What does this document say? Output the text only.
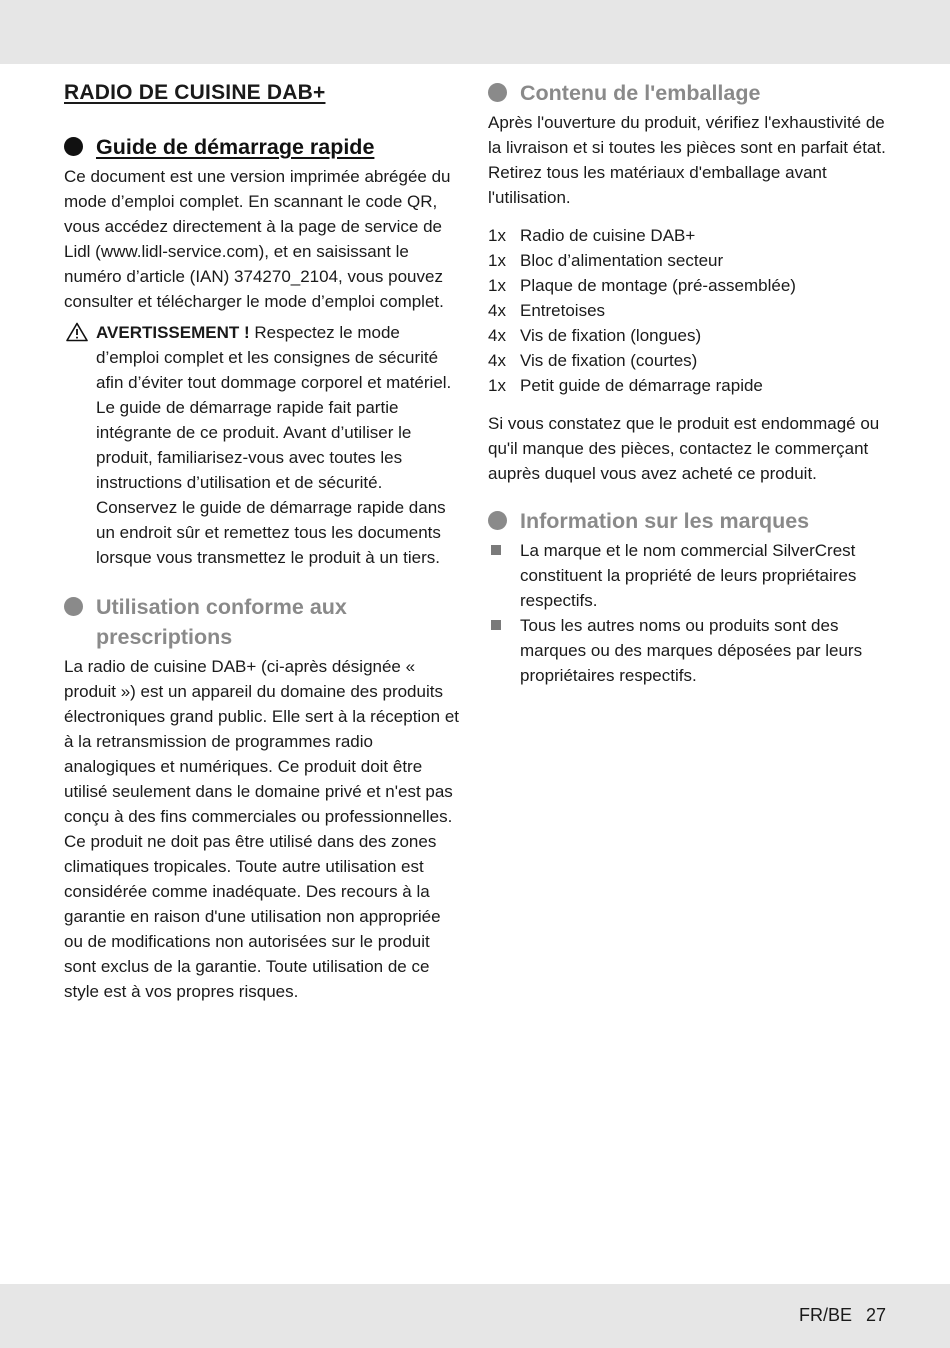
RADIO DE CUISINE DAB+
Guide de démarrage rapide

Ce document est une version imprimée abrégée du mode d’emploi complet. En scannant le code QR, vous accédez directement à la page de service de Lidl (www.lidl-service.com), et en saisissant le numéro d’article (IAN) 374270_2104, vous pouvez consulter et télécharger le mode d’emploi complet.

AVERTISSEMENT ! Respectez le mode d’emploi complet et les consignes de sécurité afin d’éviter tout dommage corporel et matériel. Le guide de démarrage rapide fait partie intégrante de ce produit. Avant d’utiliser le produit, familiarisez-vous avec toutes les instructions d’utilisation et de sécurité. Conservez le guide de démarrage rapide dans un endroit sûr et remettez tous les documents lorsque vous transmettez le produit à un tiers.
Utilisation conforme aux prescriptions

La radio de cuisine DAB+ (ci-après désignée « produit ») est un appareil du domaine des produits électroniques grand public. Elle sert à la réception et à la retransmission de programmes radio analogiques et numériques. Ce produit doit être utilisé seulement dans le domaine privé et n'est pas conçu à des fins commerciales ou professionnelles. Ce produit ne doit pas être utilisé dans des zones climatiques tropicales. Toute autre utilisation est considérée comme inadéquate. Des recours à la garantie en raison d'une utilisation non appropriée ou de modifications non autorisées sur le produit sont exclus de la garantie. Toute utilisation de ce style est à vos propres risques.

Contenu de l'emballage

Après l'ouverture du produit, vérifiez l'exhaustivité de la livraison et si toutes les pièces sont en parfait état. Retirez tous les matériaux d'emballage avant l'utilisation.

1x Radio de cuisine DAB+
1x Bloc d’alimentation secteur
1x Plaque de montage (pré-assemblée)
4x Entretoises
4x Vis de fixation (longues)
4x Vis de fixation (courtes)
1x Petit guide de démarrage rapide

Si vous constatez que le produit est endommagé ou qu'il manque des pièces, contactez le commerçant auprès duquel vous avez acheté ce produit.

Information sur les marques
La marque et le nom commercial SilverCrest constituent la propriété de leurs propriétaires respectifs.
Tous les autres noms ou produits sont des marques ou des marques déposées par leurs propriétaires respectifs.
FR/BE 27
